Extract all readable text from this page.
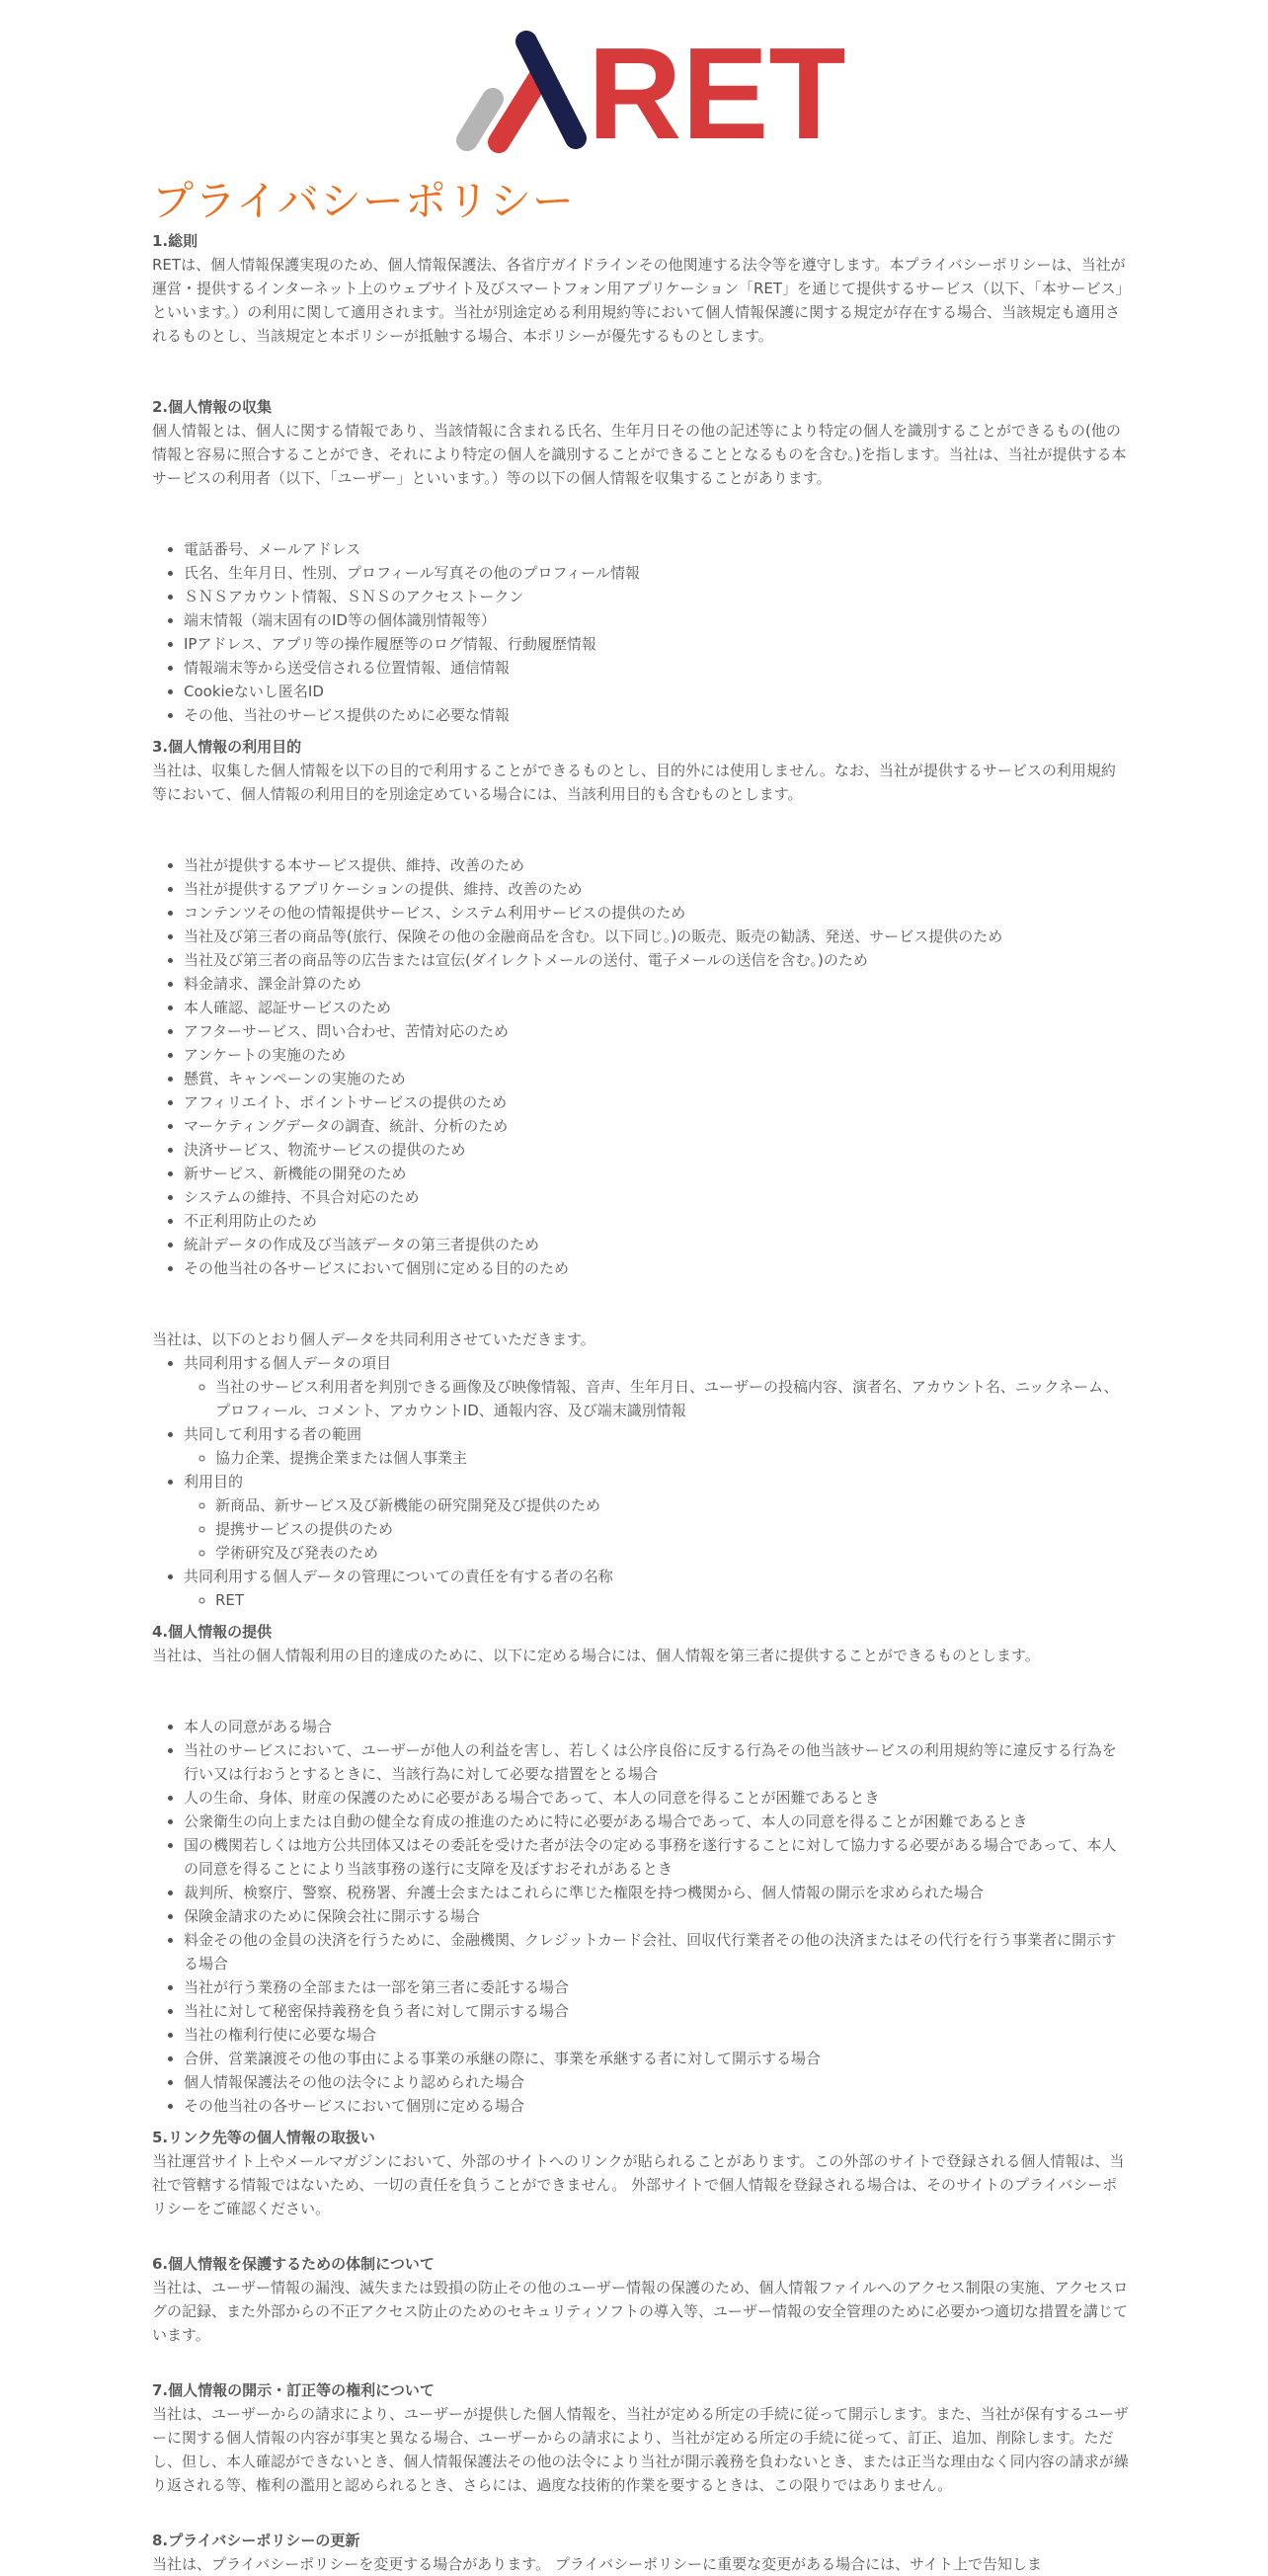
RET
プライバシーポリシー

1.総則

RETは、個人情報保護実現のため、個人情報保護法、各省庁ガイドラインその他関連する法令等を遵守します。本プライバシーポリシーは、当社が運営・提供するインターネット上のウェブサイト及びスマートフォン用アプリケーション「RET」を通じて提供するサービス（以下、「本サービス」といいます。）の利用に関して適用されます。当社が別途定める利用規約等において個人情報保護に関する規定が存在する場合、当該規定も適用されるものとし、当該規定と本ポリシーが抵触する場合、本ポリシーが優先するものとします。

2.個人情報の収集

個人情報とは、個人に関する情報であり、当該情報に含まれる氏名、生年月日その他の記述等により特定の個人を識別することができるもの(他の情報と容易に照合することができ、それにより特定の個人を識別することができることとなるものを含む。)を指します。当社は、当社が提供する本サービスの利用者（以下、「ユーザー」といいます。）等の以下の個人情報を収集することがあります。

• 電話番号、メールアドレス
• 氏名、生年月日、性別、プロフィール写真その他のプロフィール情報
• ＳＮＳアカウント情報、ＳＮＳのアクセストークン
• 端末情報（端末固有のID等の個体識別情報等）
• IPアドレス、アプリ等の操作履歴等のログ情報、行動履歴情報
• 情報端末等から送受信される位置情報、通信情報
• Cookieないし匿名ID
• その他、当社のサービス提供のために必要な情報

3.個人情報の利用目的

当社は、収集した個人情報を以下の目的で利用することができるものとし、目的外には使用しません。なお、当社が提供するサービスの利用規約等において、個人情報の利用目的を別途定めている場合には、当該利用目的も含むものとします。

• 当社が提供する本サービス提供、維持、改善のため
• 当社が提供するアプリケーションの提供、維持、改善のため
• コンテンツその他の情報提供サービス、システム利用サービスの提供のため
• 当社及び第三者の商品等(旅行、保険その他の金融商品を含む。以下同じ。)の販売、販売の勧誘、発送、サービス提供のため
• 当社及び第三者の商品等の広告または宣伝(ダイレクトメールの送付、電子メールの送信を含む。)のため
• 料金請求、課金計算のため
• 本人確認、認証サービスのため
• アフターサービス、問い合わせ、苦情対応のため
• アンケートの実施のため
• 懸賞、キャンペーンの実施のため
• アフィリエイト、ポイントサービスの提供のため
• マーケティングデータの調査、統計、分析のため
• 決済サービス、物流サービスの提供のため
• 新サービス、新機能の開発のため
• システムの維持、不具合対応のため
• 不正利用防止のため
• 統計データの作成及び当該データの第三者提供のため
• その他当社の各サービスにおいて個別に定める目的のため

当社は、以下のとおり個人データを共同利用させていただきます。

• 共同利用する個人データの項目
◦ 当社のサービス利用者を判別できる画像及び映像情報、音声、生年月日、ユーザーの投稿内容、演者名、アカウント名、ニックネーム、プロフィール、コメント、アカウントID、通報内容、及び端末識別情報
• 共同して利用する者の範囲
◦ 協力企業、提携企業または個人事業主
• 利用目的
◦ 新商品、新サービス及び新機能の研究開発及び提供のため
◦ 提携サービスの提供のため
◦ 学術研究及び発表のため
• 共同利用する個人データの管理についての責任を有する者の名称
◦ RET

4.個人情報の提供

当社は、当社の個人情報利用の目的達成のために、以下に定める場合には、個人情報を第三者に提供することができるものとします。

• 本人の同意がある場合
• 当社のサービスにおいて、ユーザーが他人の利益を害し、若しくは公序良俗に反する行為その他当該サービスの利用規約等に違反する行為を行い又は行おうとするときに、当該行為に対して必要な措置をとる場合
• 人の生命、身体、財産の保護のために必要がある場合であって、本人の同意を得ることが困難であるとき
• 公衆衛生の向上または自動の健全な育成の推進のために特に必要がある場合であって、本人の同意を得ることが困難であるとき
• 国の機関若しくは地方公共団体又はその委託を受けた者が法令の定める事務を遂行することに対して協力する必要がある場合であって、本人の同意を得ることにより当該事務の遂行に支障を及ぼすおそれがあるとき
• 裁判所、検察庁、警察、税務署、弁護士会またはこれらに準じた権限を持つ機関から、個人情報の開示を求められた場合
• 保険金請求のために保険会社に開示する場合
• 料金その他の金員の決済を行うために、金融機関、クレジットカード会社、回収代行業者その他の決済またはその代行を行う事業者に開示する場合
• 当社が行う業務の全部または一部を第三者に委託する場合
• 当社に対して秘密保持義務を負う者に対して開示する場合
• 当社の権利行使に必要な場合
• 合併、営業譲渡その他の事由による事業の承継の際に、事業を承継する者に対して開示する場合
• 個人情報保護法その他の法令により認められた場合
• その他当社の各サービスにおいて個別に定める場合

5.リンク先等の個人情報の取扱い

当社運営サイト上やメールマガジンにおいて、外部のサイトへのリンクが貼られることがあります。この外部のサイトで登録される個人情報は、当社で管轄する情報ではないため、一切の責任を負うことができません。 外部サイトで個人情報を登録される場合は、そのサイトのプライバシーポリシーをご確認ください。

6.個人情報を保護するための体制について

当社は、ユーザー情報の漏洩、滅失または毀損の防止その他のユーザー情報の保護のため、個人情報ファイルへのアクセス制限の実施、アクセスログの記録、また外部からの不正アクセス防止のためのセキュリティソフトの導入等、ユーザー情報の安全管理のために必要かつ適切な措置を講じています。

7.個人情報の開示・訂正等の権利について

当社は、ユーザーからの請求により、ユーザーが提供した個人情報を、当社が定める所定の手続に従って開示します。また、当社が保有するユーザーに関する個人情報の内容が事実と異なる場合、ユーザーからの請求により、当社が定める所定の手続に従って、訂正、追加、削除します。ただし、但し、本人確認ができないとき、個人情報保護法その他の法令により当社が開示義務を負わないとき、または正当な理由なく同内容の請求が繰り返される等、権利の濫用と認められるとき、さらには、過度な技術的作業を要するときは、この限りではありません。

8.プライバシーポリシーの更新

当社は、プライバシーポリシーを変更する場合があります。 プライバシーポリシーに重要な変更がある場合には、サイト上で告知しま
